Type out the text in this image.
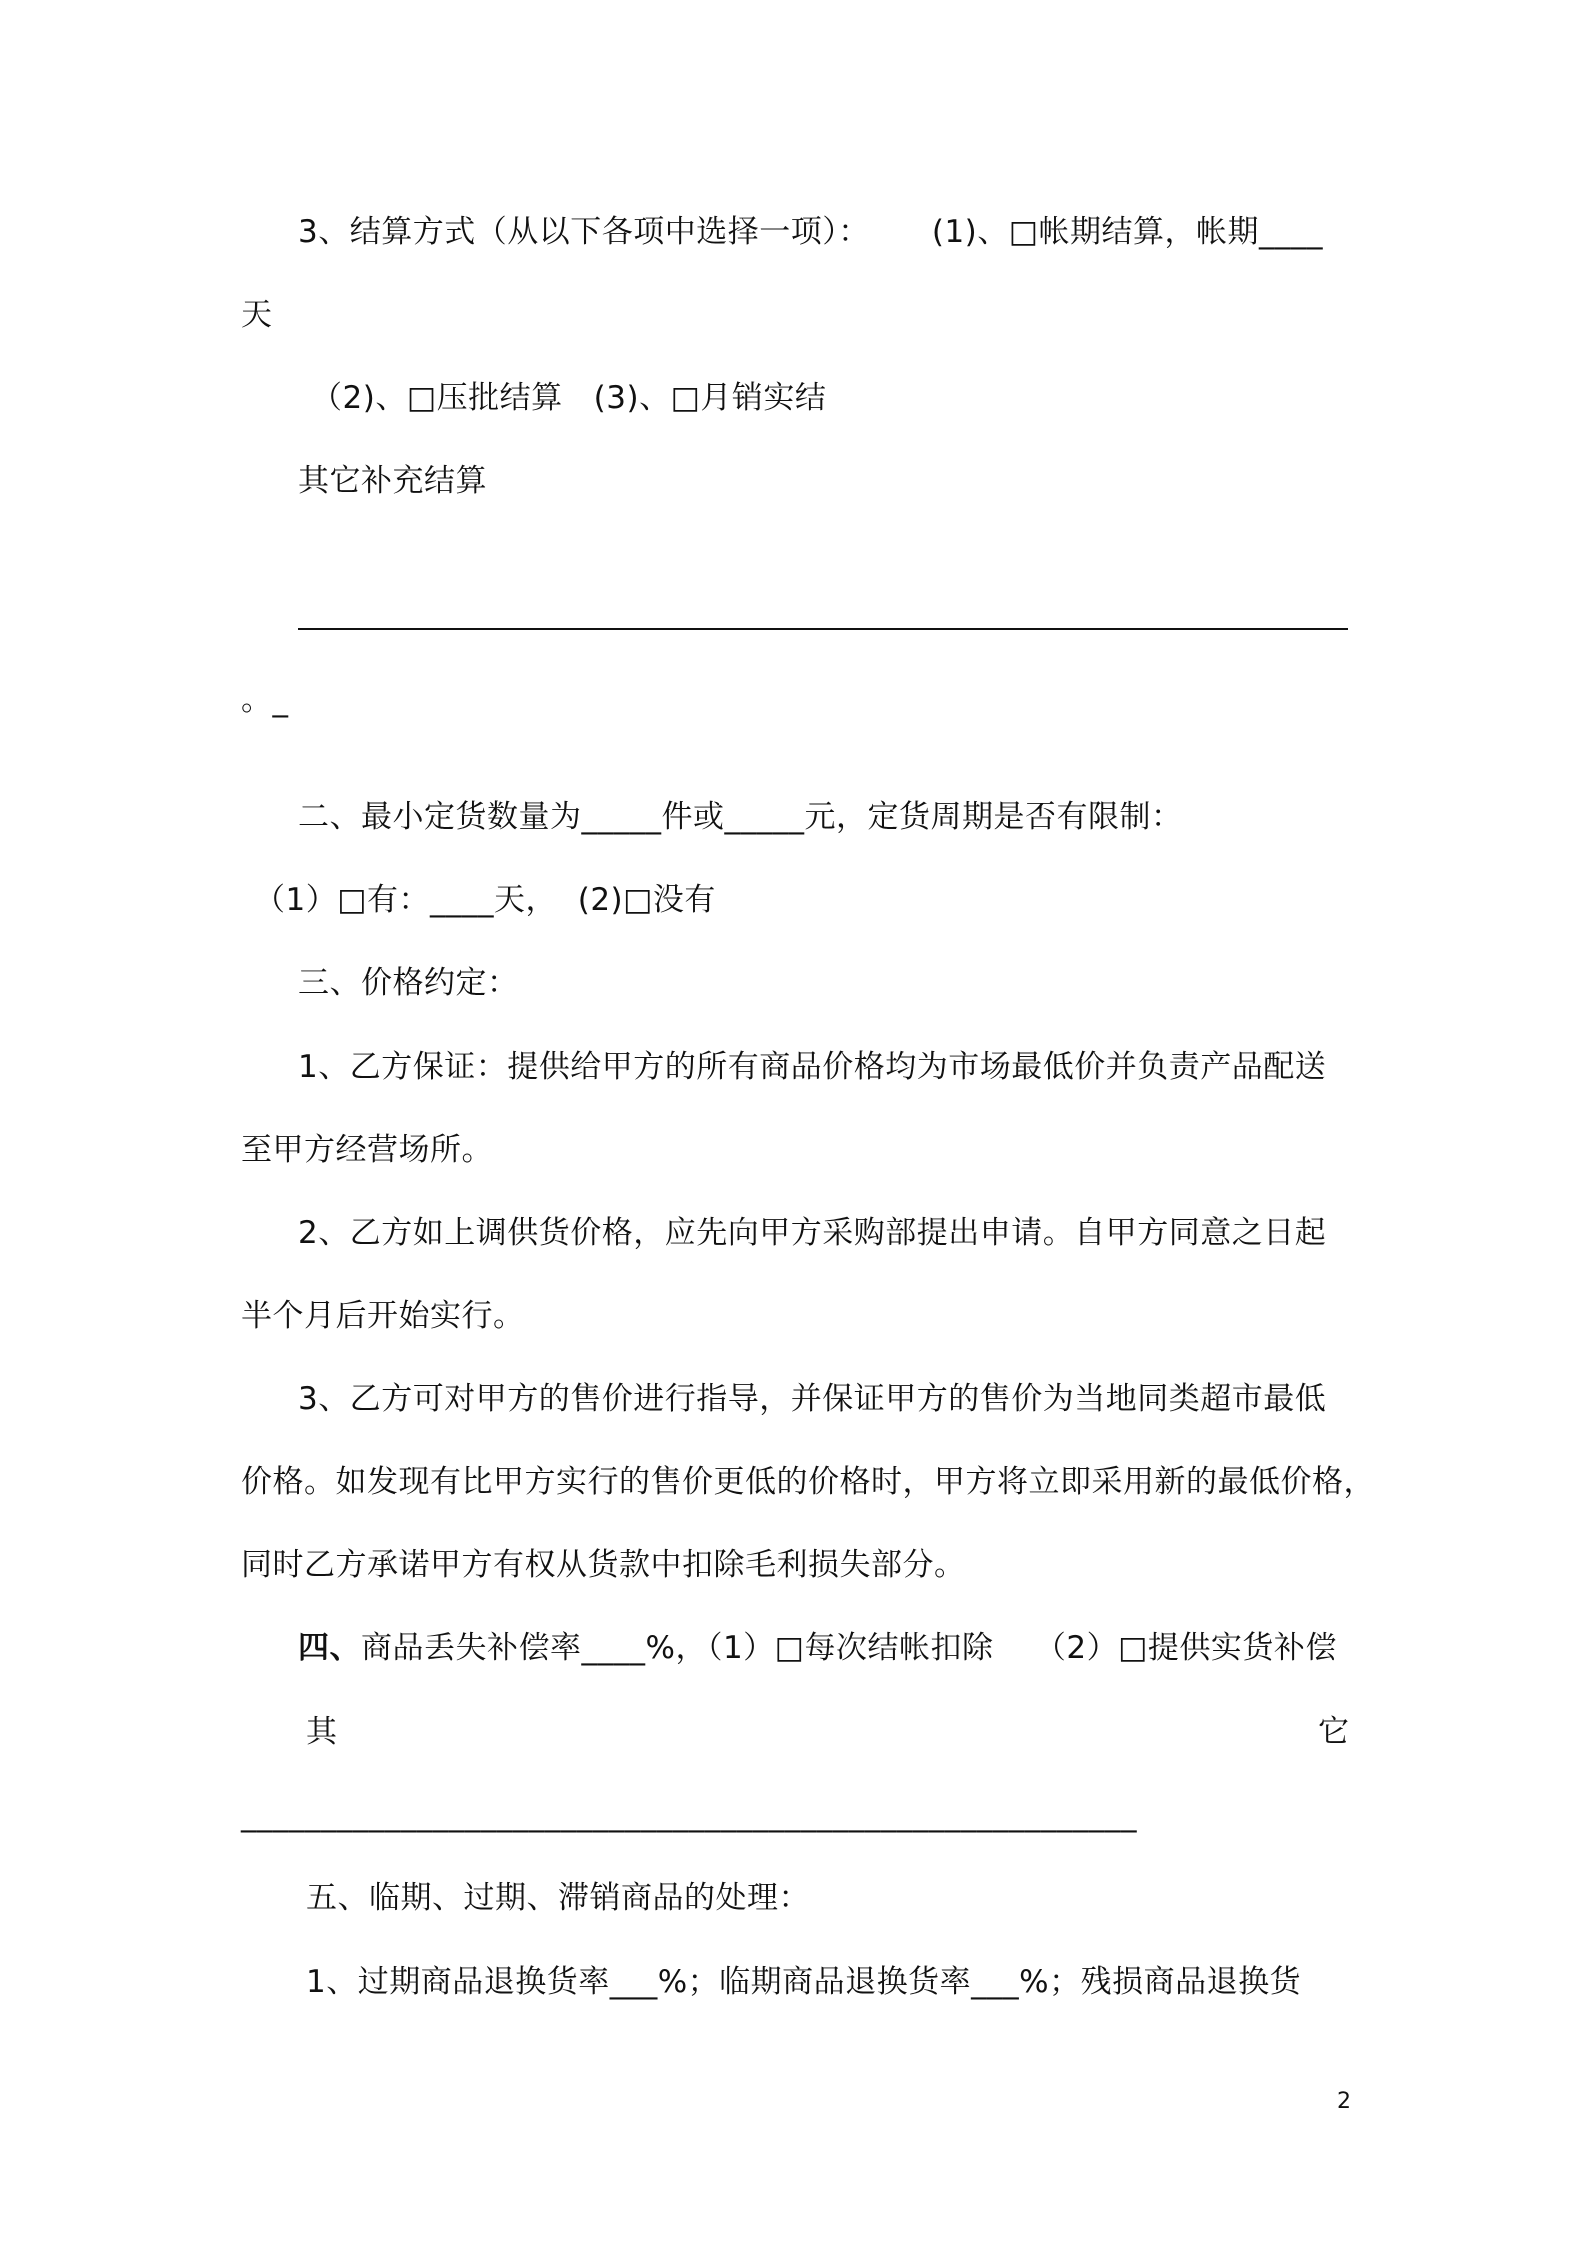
3、结算方式（从以下各项中选择一项）：      (1)、□帐期结算，帐期____
天
（2)、□压批结算   (3)、□月销实结
其它补充结算
。_
二、最小定货数量为_____件或_____元，定货周期是否有限制：
（1）□有：____天，  (2)□没有
三、价格约定：
1、乙方保证：提供给甲方的所有商品价格均为市场最低价并负责产品配送
至甲方经营场所。
2、乙方如上调供货价格，应先向甲方采购部提出申请。自甲方同意之日起
半个月后开始实行。
3、乙方可对甲方的售价进行指导，并保证甲方的售价为当地同类超市最低
价格。如发现有比甲方实行的售价更低的价格时，甲方将立即采用新的最低价格，
同时乙方承诺甲方有权从货款中扣除毛利损失部分。
四、商品丢失补偿率____%，（1）□每次结帐扣除    （2）□提供实货补偿
其	它
________________________________________________________
五、临期、过期、滞销商品的处理：
1、过期商品退换货率___%；临期商品退换货率___%；残损商品退换货
2
